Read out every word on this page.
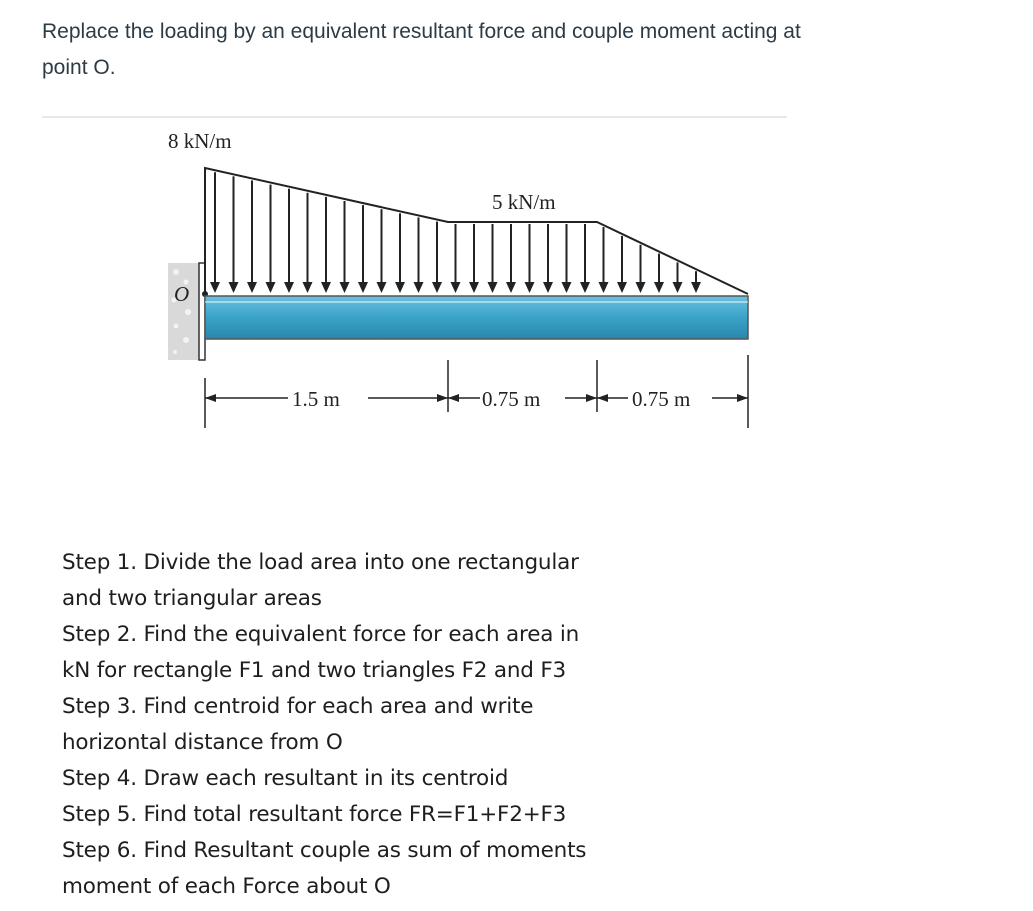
Replace the loading by an equivalent resultant force and couple moment acting at
point O.
O
8 kN/m
5 kN/m
1.5 m	0.75 m	0.75 m
Step 1. Divide the load area into one rectangular
and two triangular areas
Step 2. Find the equivalent force for each area in
kN for rectangle F1 and two triangles F2 and F3
Step 3. Find centroid for each area and write
horizontal distance from O
Step 4. Draw each resultant in its centroid
Step 5. Find total resultant force FR=F1+F2+F3
Step 6. Find Resultant couple as sum of moments
moment of each Force about O
